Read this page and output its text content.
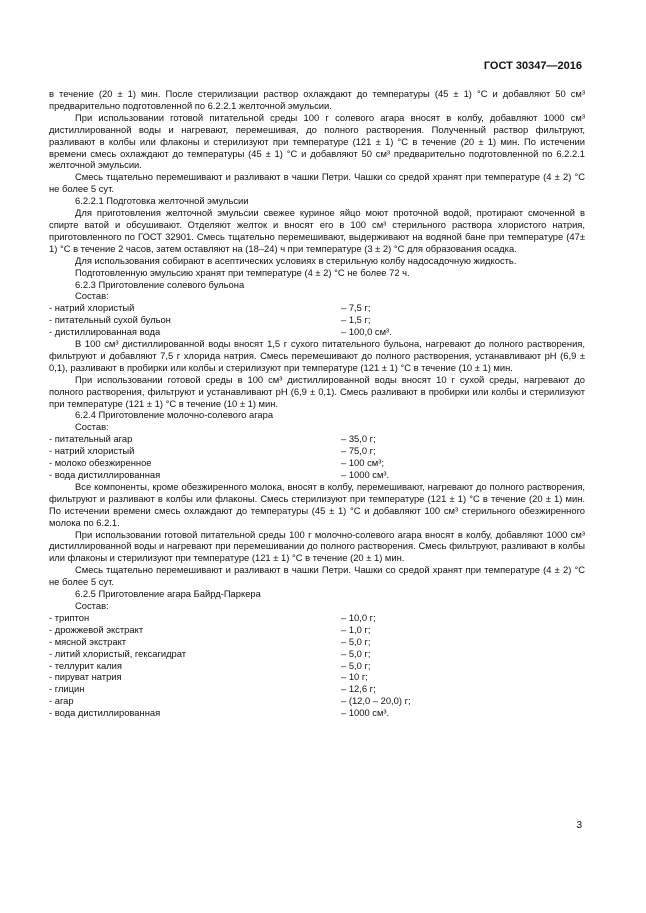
ГОСТ 30347—2016
в течение (20 ± 1) мин. После стерилизации раствор охлаждают до температуры (45 ± 1) °С и добавляют 50 см³ предварительно подготовленной по 6.2.2.1 желточной эмульсии.
При использовании готовой питательной среды 100 г солевого агара вносят в колбу, добавляют 1000 см³ дистиллированной воды и нагревают, перемешивая, до полного растворения. Полученный раствор фильтруют, разливают в колбы или флаконы и стерилизуют при температуре (121 ± 1) °С в течение (20 ± 1) мин. По истечении времени смесь охлаждают до температуры (45 ± 1) °С и добавляют 50 см³ предварительно подготовленной по 6.2.2.1 желточной эмульсии.
Смесь тщательно перемешивают и разливают в чашки Петри. Чашки со средой хранят при температуре (4 ± 2) °С не более 5 сут.
6.2.2.1 Подготовка желточной эмульсии
Для приготовления желточной эмульсии свежее куриное яйцо моют проточной водой, протирают смоченной в спирте ватой и обсушивают. Отделяют желток и вносят его в 100 см³ стерильного раствора хлористого натрия, приготовленного по ГОСТ 32901. Смесь тщательно перемешивают, выдерживают на водяной бане при температуре (47± 1) °С в течение 2 часов, затем оставляют на (18–24) ч при температуре (3 ± 2) °С для образования осадка.
Для использования собирают в асептических условиях в стерильную колбу надосадочную жидкость.
Подготовленную эмульсию хранят при температуре (4 ± 2) °С не более 72 ч.
6.2.3 Приготовление солевого бульона
Состав:
- натрий хлористый	– 7,5 г;
- питательный сухой бульон	– 1,5 г;
- дистиллированная вода	– 100,0 см³.
В 100 см³ дистиллированной воды вносят 1,5 г сухого питательного бульона, нагревают до полного растворения, фильтруют и добавляют 7,5 г хлорида натрия. Смесь перемешивают до полного растворения, устанавливают рН (6,9 ± 0,1), разливают в пробирки или колбы и стерилизуют при температуре (121 ± 1) °С в течение (10 ± 1) мин.
При использовании готовой среды в 100 см³ дистиллированной воды вносят 10 г сухой среды, нагревают до полного растворения, фильтруют и устанавливают рН (6,9 ± 0,1). Смесь разливают в пробирки или колбы и стерилизуют при температуре (121 ± 1) °С в течение (10 ± 1) мин.
6.2.4 Приготовление молочно-солевого агара
Состав:
- питательный агар	– 35,0 г;
- натрий хлористый	– 75,0 г;
- молоко обезжиренное	– 100 см³;
- вода дистиллированная	– 1000 см³.
Все компоненты, кроме обезжиренного молока, вносят в колбу, перемешивают, нагревают до полного растворения, фильтруют и разливают в колбы или флаконы. Смесь стерилизуют при температуре (121 ± 1) °С в течение (20 ± 1) мин. По истечении времени смесь охлаждают до температуры (45 ± 1) °С и добавляют 100 см³ стерильного обезжиренного молока по 6.2.1.
При использовании готовой питательной среды 100 г молочно-солевого агара вносят в колбу, добавляют 1000 см³ дистиллированной воды и нагревают при перемешивании до полного растворения. Смесь фильтруют, разливают в колбы или флаконы и стерилизуют при температуре (121 ± 1) °С в течение (20 ± 1) мин.
Смесь тщательно перемешивают и разливают в чашки Петри. Чашки со средой хранят при температуре (4 ± 2) °С не более 5 сут.
6.2.5 Приготовление агара Байрд-Паркера
Состав:
- триптон	– 10,0 г;
- дрожжевой экстракт	– 1,0 г;
- мясной экстракт	– 5,0 г;
- литий хлористый, гексагидрат	– 5,0 г;
- теллурит калия	– 5,0 г;
- пируват натрия	– 10 г;
- глицин	– 12,6 г;
- агар	– (12,0 – 20,0) г;
- вода дистиллированная	– 1000 см³.
3
